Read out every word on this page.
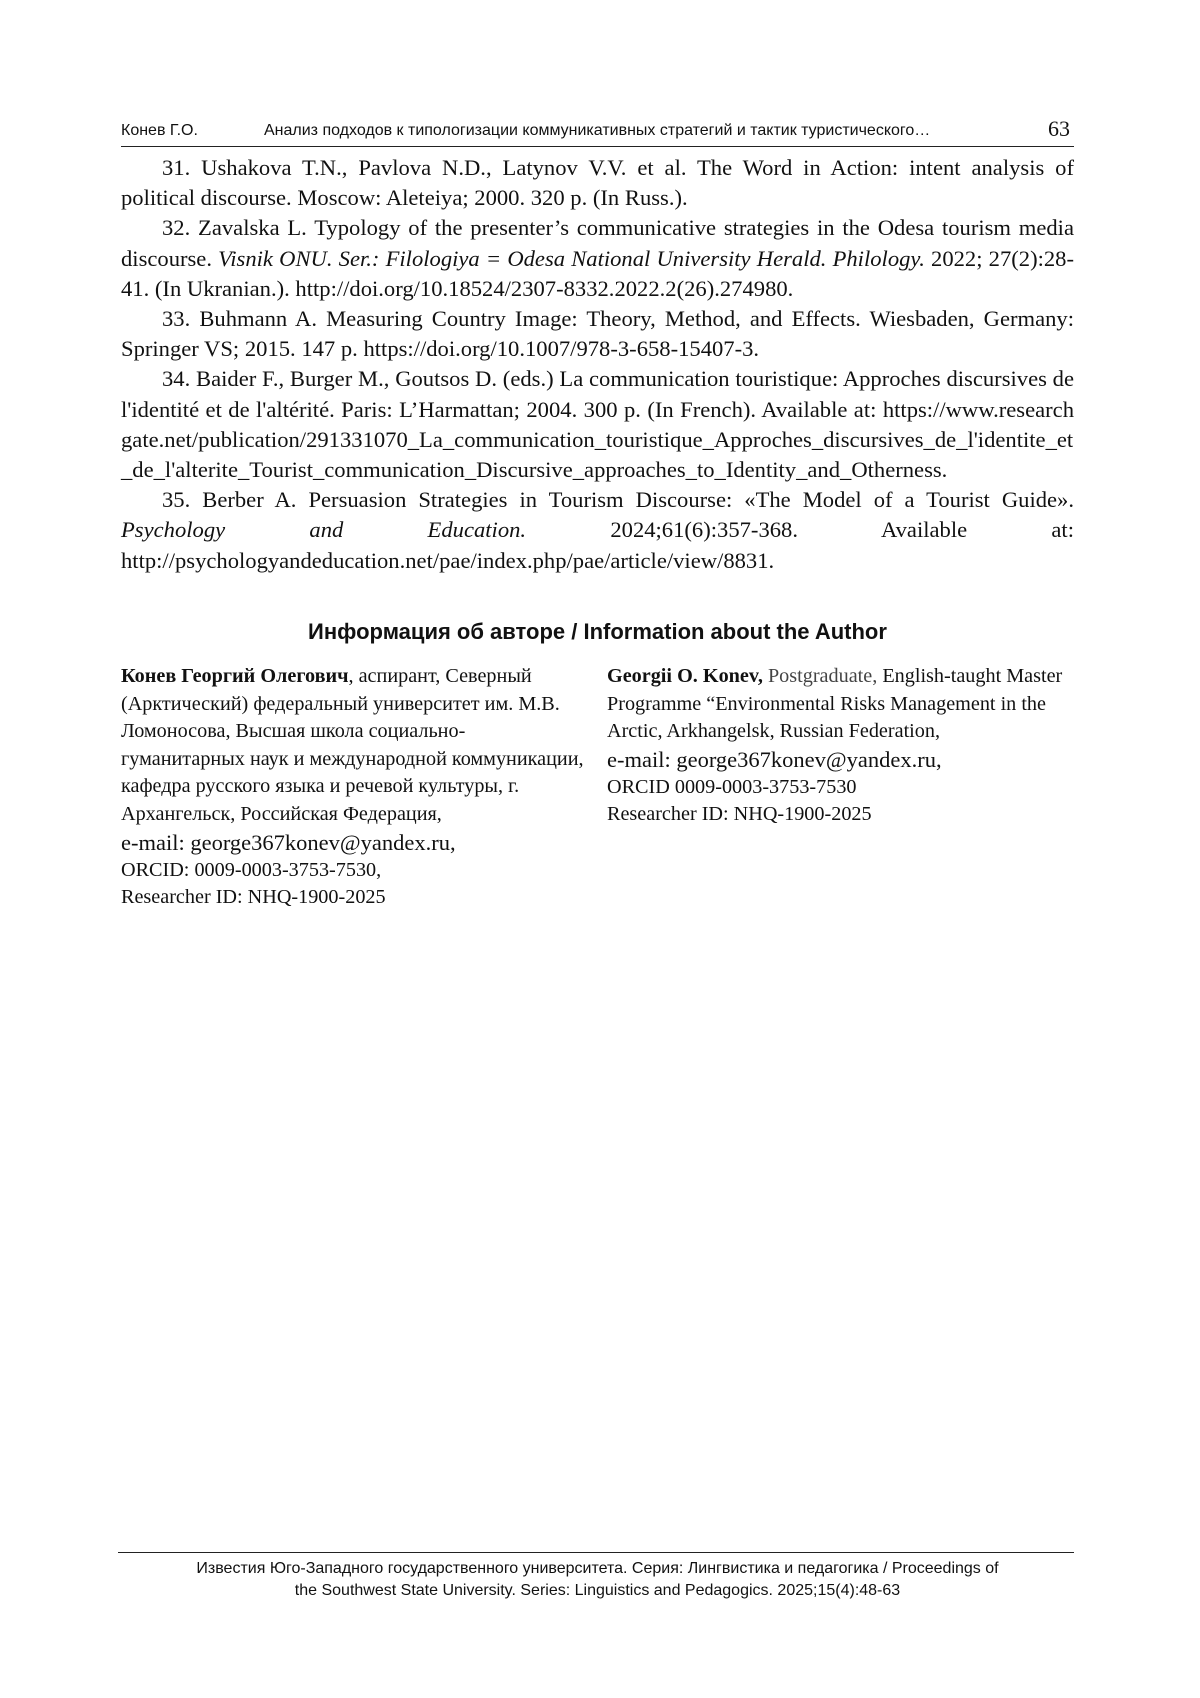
Конев Г.О.	Анализ подходов к типологизации коммуникативных стратегий и тактик туристического…	63

31. Ushakova T.N., Pavlova N.D., Latynov V.V. et al. The Word in Action: intent analysis of political discourse. Moscow: Aleteiya; 2000. 320 p. (In Russ.).

32. Zavalska L. Typology of the presenter’s communicative strategies in the Odesa tourism media discourse. Visnik ONU. Ser.: Filologiya = Odesa National University Herald. Philology. 2022; 27(2):28-41. (In Ukranian.). http://doi.org/10.18524/2307-8332.2022.2(26).274980.

33. Buhmann A. Measuring Country Image: Theory, Method, and Effects. Wiesbaden, Germany: Springer VS; 2015. 147 p. https://doi.org/10.1007/978-3-658-15407-3.

34. Baider F., Burger M., Goutsos D. (eds.) La communication touristique: Approches discursives de l'identité et de l'altérité. Paris: L’Harmattan; 2004. 300 p. (In French). Available at: https://www.researchgate.net/publication/291331070_La_communication_touristique_Approches_discursives_de_l'identite_et_de_l'alterite_Tourist_communication_Discursive_approaches_to_Identity_and_Otherness.

35. Berber A. Persuasion Strategies in Tourism Discourse: «The Model of a Tourist Guide». Psychology and Education.	2024;61(6):357-368. Available at: http://psychologyandeducation.net/pae/index.php/pae/article/view/8831.

Информация об авторе / Information about the Author

Конев Георгий Олегович, аспирант, Северный (Арктический) федеральный университет им. М.В. Ломоносова, Высшая школа социально-гуманитарных наук и международной коммуникации, кафедра русского языка и речевой культуры, г. Архангельск, Российская Федерация,

e-mail: george367konev@yandex.ru,

ORCID: 0009-0003-3753-7530,

Researcher ID: NHQ-1900-2025

Georgii O. Konev, Postgraduate, English-taught Master Programme “Environmental Risks Management in the Arctic, Arkhangelsk, Russian Federation,

e-mail: george367konev@yandex.ru,

ORCID 0009-0003-3753-7530

Researcher ID: NHQ-1900-2025

Известия Юго-Западного государственного университета. Серия: Лингвистика и педагогика / Proceedings of
the Southwest State University. Series: Linguistics and Pedagogics. 2025;15(4):48-63
